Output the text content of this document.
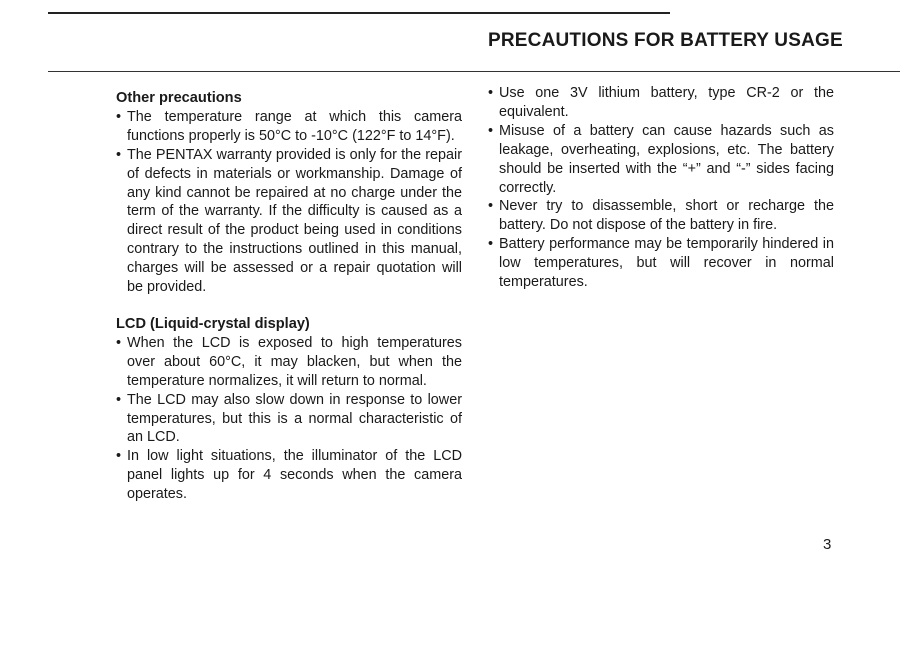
PRECAUTIONS FOR BATTERY USAGE
Other precautions
• The temperature range at which this camera functions properly is 50°C to -10°C (122°F to 14°F).
• The PENTAX warranty provided is only for the repair of defects in materials or workmanship. Damage of any kind cannot be repaired at no charge under the term of the warranty. If the difficulty is caused as a direct result of the product being used in conditions contrary to the instructions outlined in this manual, charges will be assessed or a repair quotation will be provided.
LCD (Liquid-crystal display)
• When the LCD is exposed to high temperatures over about 60°C, it may blacken, but when the temperature normalizes, it will return to normal.
• The LCD may also slow down in response to lower temperatures, but this is a normal characteristic of an LCD.
• In low light situations, the illuminator of the LCD panel lights up for 4 seconds when the camera operates.
• Use one 3V lithium battery, type CR-2 or the equivalent.
• Misuse of a battery can cause hazards such as leakage, overheating, explosions, etc. The battery should be inserted with the “+” and “-” sides facing correctly.
• Never try to disassemble, short or recharge the battery. Do not dispose of the battery in fire.
• Battery performance may be temporarily hindered in low temperatures, but will recover in normal temperatures.
3
